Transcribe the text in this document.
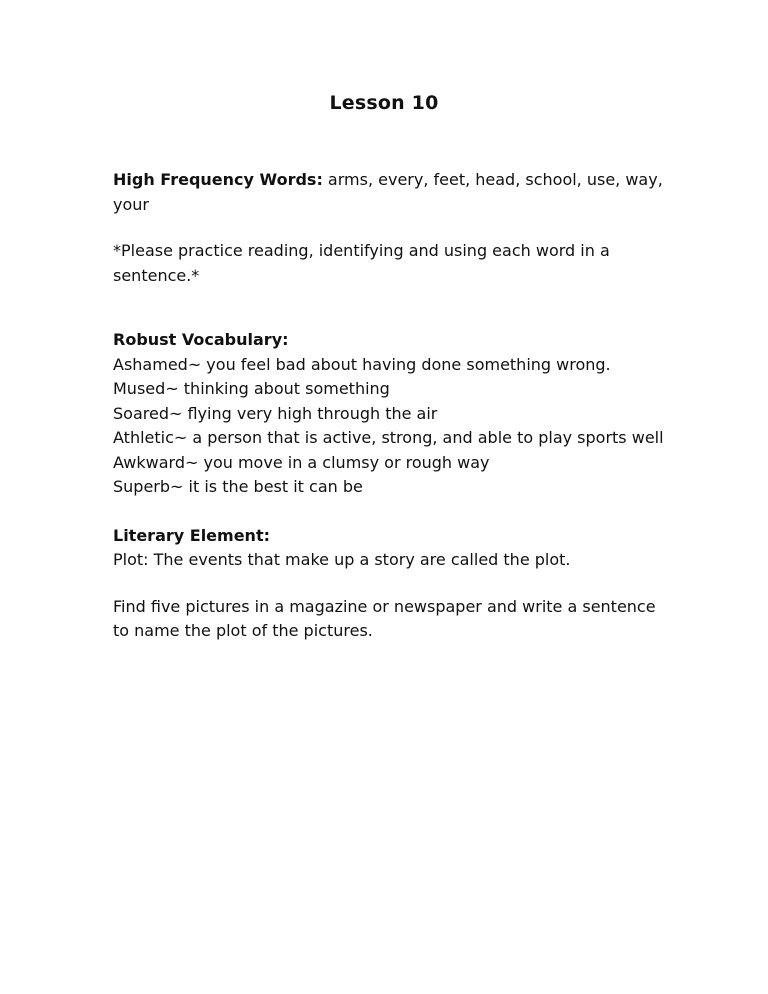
Lesson 10

High Frequency Words: arms, every, feet, head, school, use, way, your

*Please practice reading, identifying and using each word in a sentence.*

Robust Vocabulary:

Ashamed~ you feel bad about having done something wrong.

Mused~ thinking about something

Soared~ flying very high through the air

Athletic~ a person that is active, strong, and able to play sports well

Awkward~ you move in a clumsy or rough way

Superb~ it is the best it can be

Literary Element:

Plot: The events that make up a story are called the plot.

Find five pictures in a magazine or newspaper and write a sentence to name the plot of the pictures.
